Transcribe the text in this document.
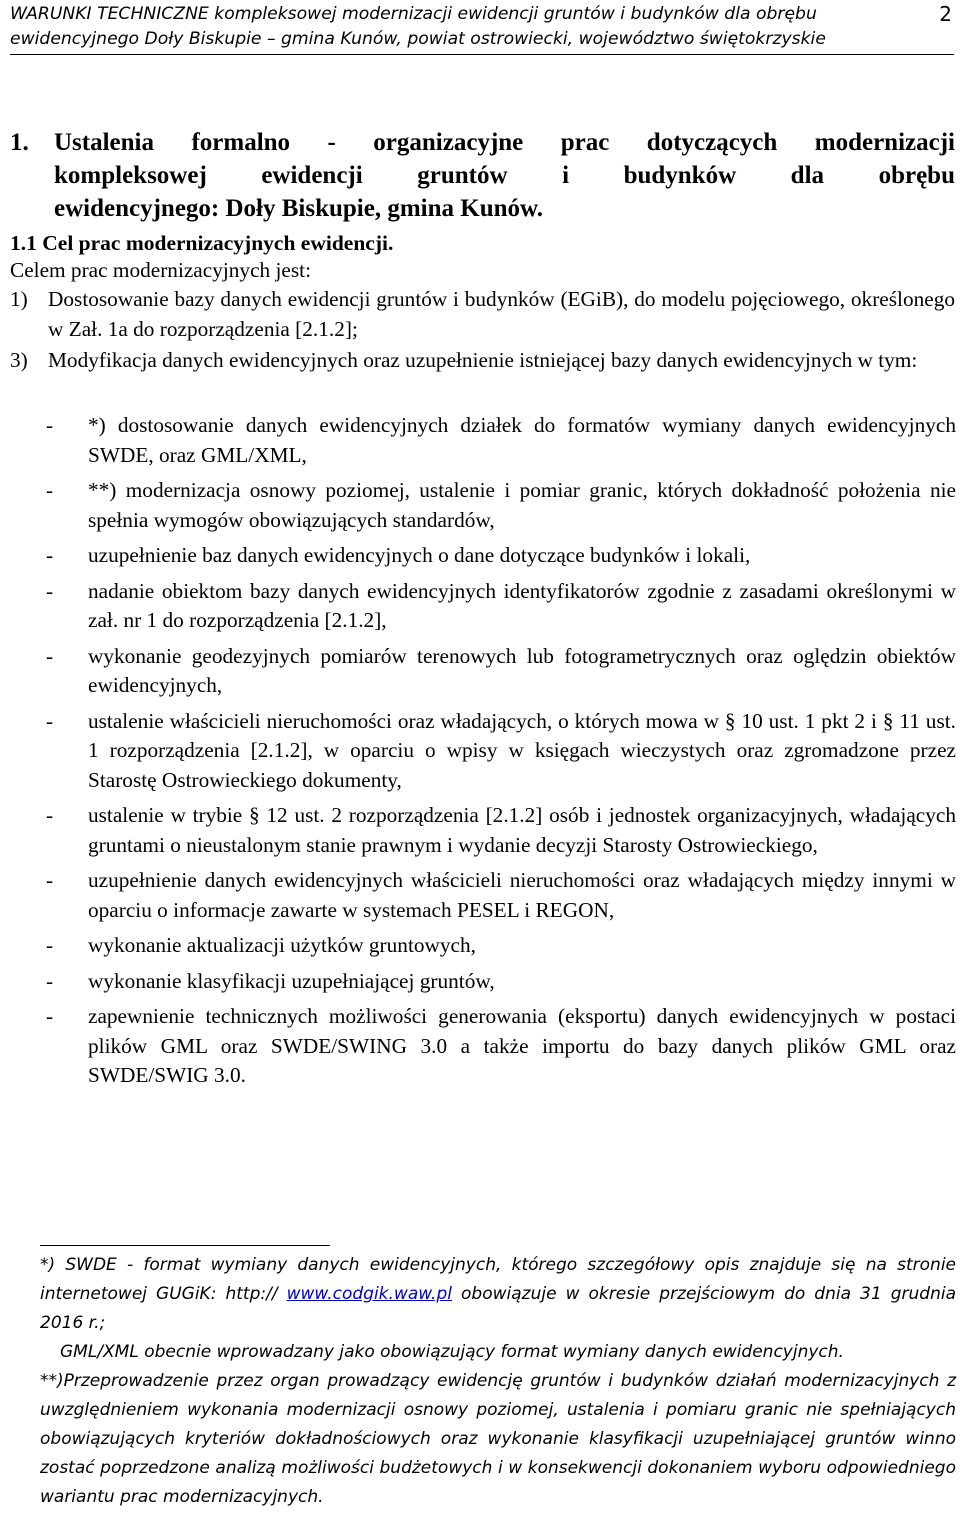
WARUNKI TECHNICZNE kompleksowej modernizacji ewidencji gruntów i budynków dla obrębu
ewidencyjnego Doły Biskupie – gmina Kunów, powiat ostrowiecki, województwo świętokrzyskie
2
1.	Ustalenia formalno - organizacyjne prac dotyczących modernizacji
kompleksowej ewidencji gruntów i budynków dla obrębu
ewidencyjnego: Doły Biskupie, gmina Kunów.
1.1 Cel prac modernizacyjnych ewidencji.
Celem prac modernizacyjnych jest:
1) Dostosowanie bazy danych ewidencji gruntów i budynków (EGiB), do modelu pojęciowego, określonego w Zał. 1a do rozporządzenia [2.1.2];
3) Modyfikacja danych ewidencyjnych oraz uzupełnienie istniejącej bazy danych ewidencyjnych w tym:
-	*) dostosowanie danych ewidencyjnych działek do formatów wymiany danych ewidencyjnych SWDE, oraz GML/XML,
-	**) modernizacja osnowy poziomej, ustalenie i pomiar granic, których dokładność położenia nie spełnia wymogów obowiązujących standardów,
-	uzupełnienie baz danych ewidencyjnych o dane dotyczące budynków i lokali,
-	nadanie obiektom bazy danych ewidencyjnych identyfikatorów zgodnie z zasadami określonymi w zał. nr 1 do rozporządzenia [2.1.2],
-	wykonanie geodezyjnych pomiarów terenowych lub fotogrametrycznych oraz oględzin obiektów ewidencyjnych,
-	ustalenie właścicieli nieruchomości oraz władających, o których mowa w § 10 ust. 1 pkt 2 i § 11 ust. 1 rozporządzenia [2.1.2], w oparciu o wpisy w księgach wieczystych oraz zgromadzone przez Starostę Ostrowieckiego dokumenty,
-	ustalenie w trybie § 12 ust. 2 rozporządzenia [2.1.2] osób i jednostek organizacyjnych, władających gruntami o nieustalonym stanie prawnym i wydanie decyzji Starosty Ostrowieckiego,
-	uzupełnienie danych ewidencyjnych właścicieli nieruchomości oraz władających między innymi w oparciu o informacje zawarte w systemach PESEL i REGON,
-	wykonanie aktualizacji użytków gruntowych,
-	wykonanie klasyfikacji uzupełniającej gruntów,
-	zapewnienie technicznych możliwości generowania (eksportu) danych ewidencyjnych w postaci plików GML oraz SWDE/SWING 3.0 a także importu do bazy danych plików GML oraz SWDE/SWIG 3.0.

*) SWDE - format wymiany danych ewidencyjnych, którego szczegółowy opis znajduje się na stronie internetowej GUGiK: http:// www.codgik.waw.pl obowiązuje w okresie przejściowym do dnia 31 grudnia 2016 r.;

GML/XML obecnie wprowadzany jako obowiązujący format wymiany danych ewidencyjnych.

**)Przeprowadzenie przez organ prowadzący ewidencję gruntów i budynków działań modernizacyjnych z uwzględnieniem wykonania modernizacji osnowy poziomej, ustalenia i pomiaru granic nie spełniających obowiązujących kryteriów dokładnościowych oraz wykonanie klasyfikacji uzupełniającej gruntów winno zostać poprzedzone analizą możliwości budżetowych i w konsekwencji dokonaniem wyboru odpowiedniego wariantu prac modernizacyjnych.
